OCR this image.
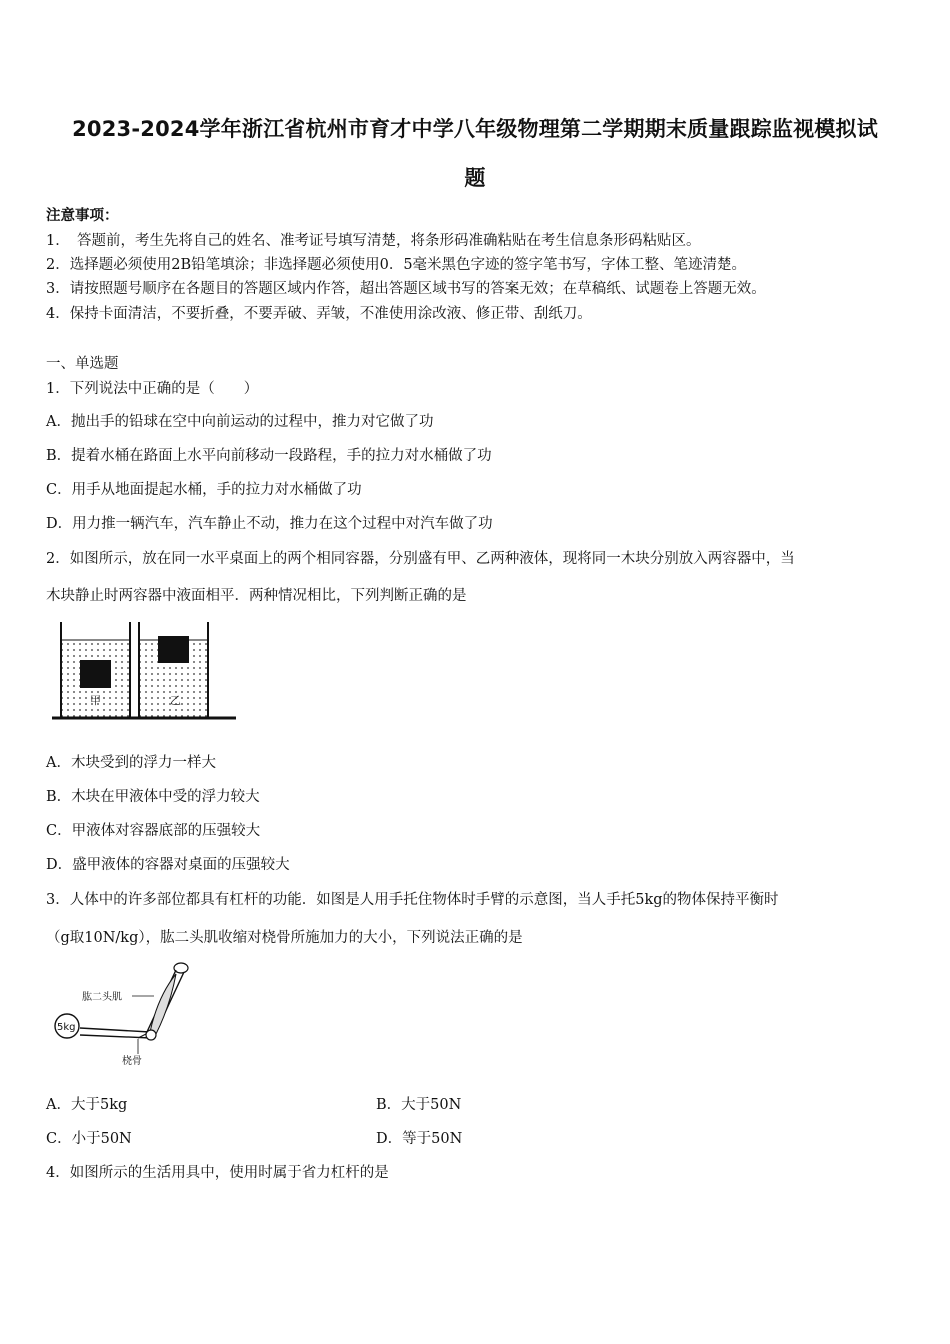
2023-2024学年浙江省杭州市育才中学八年级物理第二学期期末质量跟踪监视模拟试
题
注意事项：
1．　答题前，考生先将自己的姓名、准考证号填写清楚，将条形码准确粘贴在考生信息条形码粘贴区。
2．选择题必须使用2B铅笔填涂；非选择题必须使用0．5毫米黑色字迹的签字笔书写，字体工整、笔迹清楚。
3．请按照题号顺序在各题目的答题区域内作答，超出答题区域书写的答案无效；在草稿纸、试题卷上答题无效。
4．保持卡面清洁，不要折叠，不要弄破、弄皱，不准使用涂改液、修正带、刮纸刀。
一、单选题
1．下列说法中正确的是（　　）
A．抛出手的铅球在空中向前运动的过程中，推力对它做了功
B．提着水桶在路面上水平向前移动一段路程，手的拉力对水桶做了功
C．用手从地面提起水桶，手的拉力对水桶做了功
D．用力推一辆汽车，汽车静止不动，推力在这个过程中对汽车做了功
2．如图所示，放在同一水平桌面上的两个相同容器，分别盛有甲、乙两种液体，现将同一木块分别放入两容器中，当
木块静止时两容器中液面相平．两种情况相比，下列判断正确的是
甲	乙
A．木块受到的浮力一样大
B．木块在甲液体中受的浮力较大
C．甲液体对容器底部的压强较大
D．盛甲液体的容器对桌面的压强较大
3．人体中的许多部位都具有杠杆的功能．如图是人用手托住物体时手臂的示意图，当人手托5kg的物体保持平衡时
（g取10N/kg），肱二头肌收缩对桡骨所施加力的大小，下列说法正确的是
5kg
肱二头肌
桡骨
A．大于5kg	B．大于50N
C．小于50N	D．等于50N
4．如图所示的生活用具中，使用时属于省力杠杆的是
